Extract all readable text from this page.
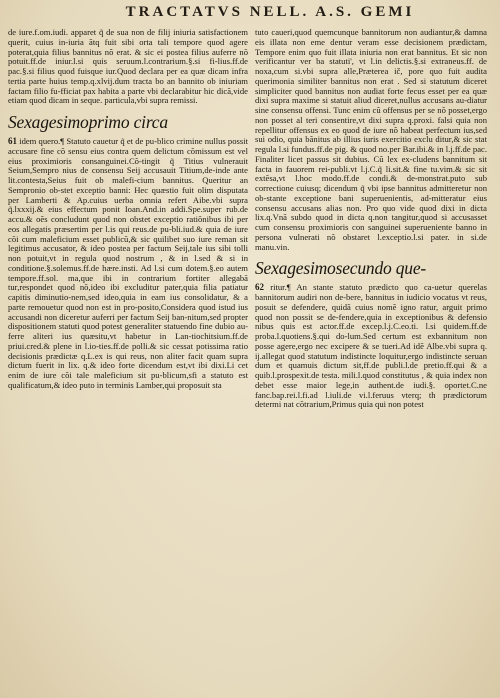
TRACTATVS NELL. A.S. GEMI

de iure.f.om.iudi. apparet q̃ de sua non de filij iniuria satisfactionem querit, cuius in-iuria ãtq fuit sibi orta tali tempore quod agere poterat,quia filius bannitus nõ erat. & sic ei postea filius auferre nõ potuit.ff.de iniur.l.si quis seruum.l.contrarium.§.si fi-lius.ff.de pac.§.si filius quod fuisque iur.Quod declara per ea quæ dicam infra tertia parte huius temp.q.xlvij.dum tracta bo an bannito ob iniuriam factam filio fu-fficiat pax habita a parte vbi declarabitur hic dicã,vide etiam quod dicam in seque. particula,vbi supra remissi.

Sexagesimoprimo circa

61 idem quero.¶ Statuto cauetur q̃ et de pu-blico crimine nullus possit accusare fine cõ sensu eius contra quem delictum cõmissum est vel eius proximioris consanguinei.Cõ-tingit q̃ Titius vulnerauit Seium,Sempro nius de consensu Seij accusauit Titium,de-inde ante lit.contesta,Seius fuit ob malefi-cium bannitus. Queritur an Sempronio ob-stet exceptio banni: Hec quæstio fuit olim disputata per Lamberti & Ap.cuius uerba omnia refert Aibe.vbi supra q̃.lxxxij.& eius effectum ponit Ioan.And.in addi.Spe.super rub.de accu.& oẽs concludunt quod non obstet exceptio ratiõnibus ibi per eos allegatis præsertim per l.is qui reus.de pu-bli.iud.& quia de iure cõi cum maleficium esset publicũ,& sic quilibet suo iure reman sit legitimus accusator, & ideo postea per factum Seij,tale ius sibi tolli non potuit,vt in regula quod nostrum , & in l.sed & si in conditione.§.solemus.ff.de hære.insti. Ad l.si cum dotem.§.eo autem tempore.ff.sol. ma,que ibi in contrarium fortiter allegabā tur,respondet quod nõ,ideo ibi excluditur pater,quia filia patiatur capitis diminutio-nem,sed ideo,quia in eam ius consolidatur, & a parte remouetur quod non est in pro-posito,Considera quod istud ius accusandi non diceretur auferri per factum Seij ban-nitum,sed propter dispositionem statuti quod potest generaliter statuendo fine dubio au-ferre aliteri ius quæsitu,vt habetur in Lan-tiochitsium.ff.de priui.cred.& plene in l.io-ties.ff.de polli.& sic cessat potissima ratio decisionis prædictæ q.L.ex is qui reus, non aliter facit quam supra dictum fuerit in lix. q.& ideo forte dicendum est,vt ibi dixi.Li cet enim de iure cõi tale maleficium sit pu-blicum,sfi a statuto est qualificatum,& ideo puto in terminis Lamber,qui proposuit sta

tuto caueri,quod quemcunque bannitorum non audiantur,& damna eis illata non eme dentur veram esse decisionem prædictam, Tempore enim quo fuit illata iniuria non erat bannitus. Et sic non verificantur ver ba statuti', vt l.in delictis.§.si extraneus.ff. de noxa,cum si.vbi supra alle,Præterea ič, pore quo fuit audita querimonia similiter bannitus non erat . Sed si statutum diceret simpliciter quod bannitus non audiat forte fecus esset per ea quæ dixi supra maxime si statuit aliud diceret,nullus accusans au-diatur sine consensu offensi. Tunc enim cũ offensus per se nõ posset,ergo non posset al teri consentire,vt dixi supra q.proxi. falsi quia non repellitur offensus ex eo quod de iure nõ habeat perfectum ius,sed sui odio, quia bãnitus ab illius iuris exercitio exclu ditur,& sic stat regula l.si fundus.ff.de pig. & quod no.per Bar.ibi.& in l.j.ff.de pac. Finaliter licet passus sit dubius. Cũ lex ex-cludens bannitum sit facta in fauorem rei-publi.vt l.j.C.q̃ li.sit.& fine tu.vim.& sic sit extẽsa,vt l.hoc modo.ff.de condi.& de-monstrat.puto sub correctione cuiusq; dicendum q̃ vbi ipse bannitus admitteretur non ob-stante exceptione bani superuenientis, ad-mitteratur eius consensu accusans alias non. Pro quo vide quod dixi in dicta lix.q.Vnã subdo quod in dicta q.non tangitur,quod si accusasset cum consensu proximioris con sanguinei superueniente banno in persona vulnerati nõ obstaret l.exceptio.l.si pater. in si.de manu.vin.

Sexagesimosecundo que-

62 ritur.¶ An stante statuto prædicto quo ca-uetur querelas bannitorum audiri non de-bere, bannitus in iudicio vocatus vt reus, posuit se defendere, quidã cuius nomẽ igno ratur, arguit primo quod non possit se de-fendere,quia in exceptionibus & defensio nibus quis est actor.ff.de excep.l.j.C.eo.ti. l.si quidem.ff.de proba.l.quotiens.§.qui do-lum.Sed certum est exbannitum non posse agere,ergo nec excipere & se tueri.Ad idẽ Albe.vbi supra q. ij.allegat quod statutum indistincte loquitur,ergo indistincte seruan dum et quamuis dictum sit,ff.de publi.l.de pretio.ff.qui & a quib.l.prospexit.de testa. mili.l.quod constitutus , & quia index non debet esse maior lege,in authent.de iudi.§. oportet.C.ne fanc.bap.rei.l.fi.ad l.iuli.de vi.l.feruus vterq; th prædictorum determi nat cõtrarium,Primus quia qui non potest
